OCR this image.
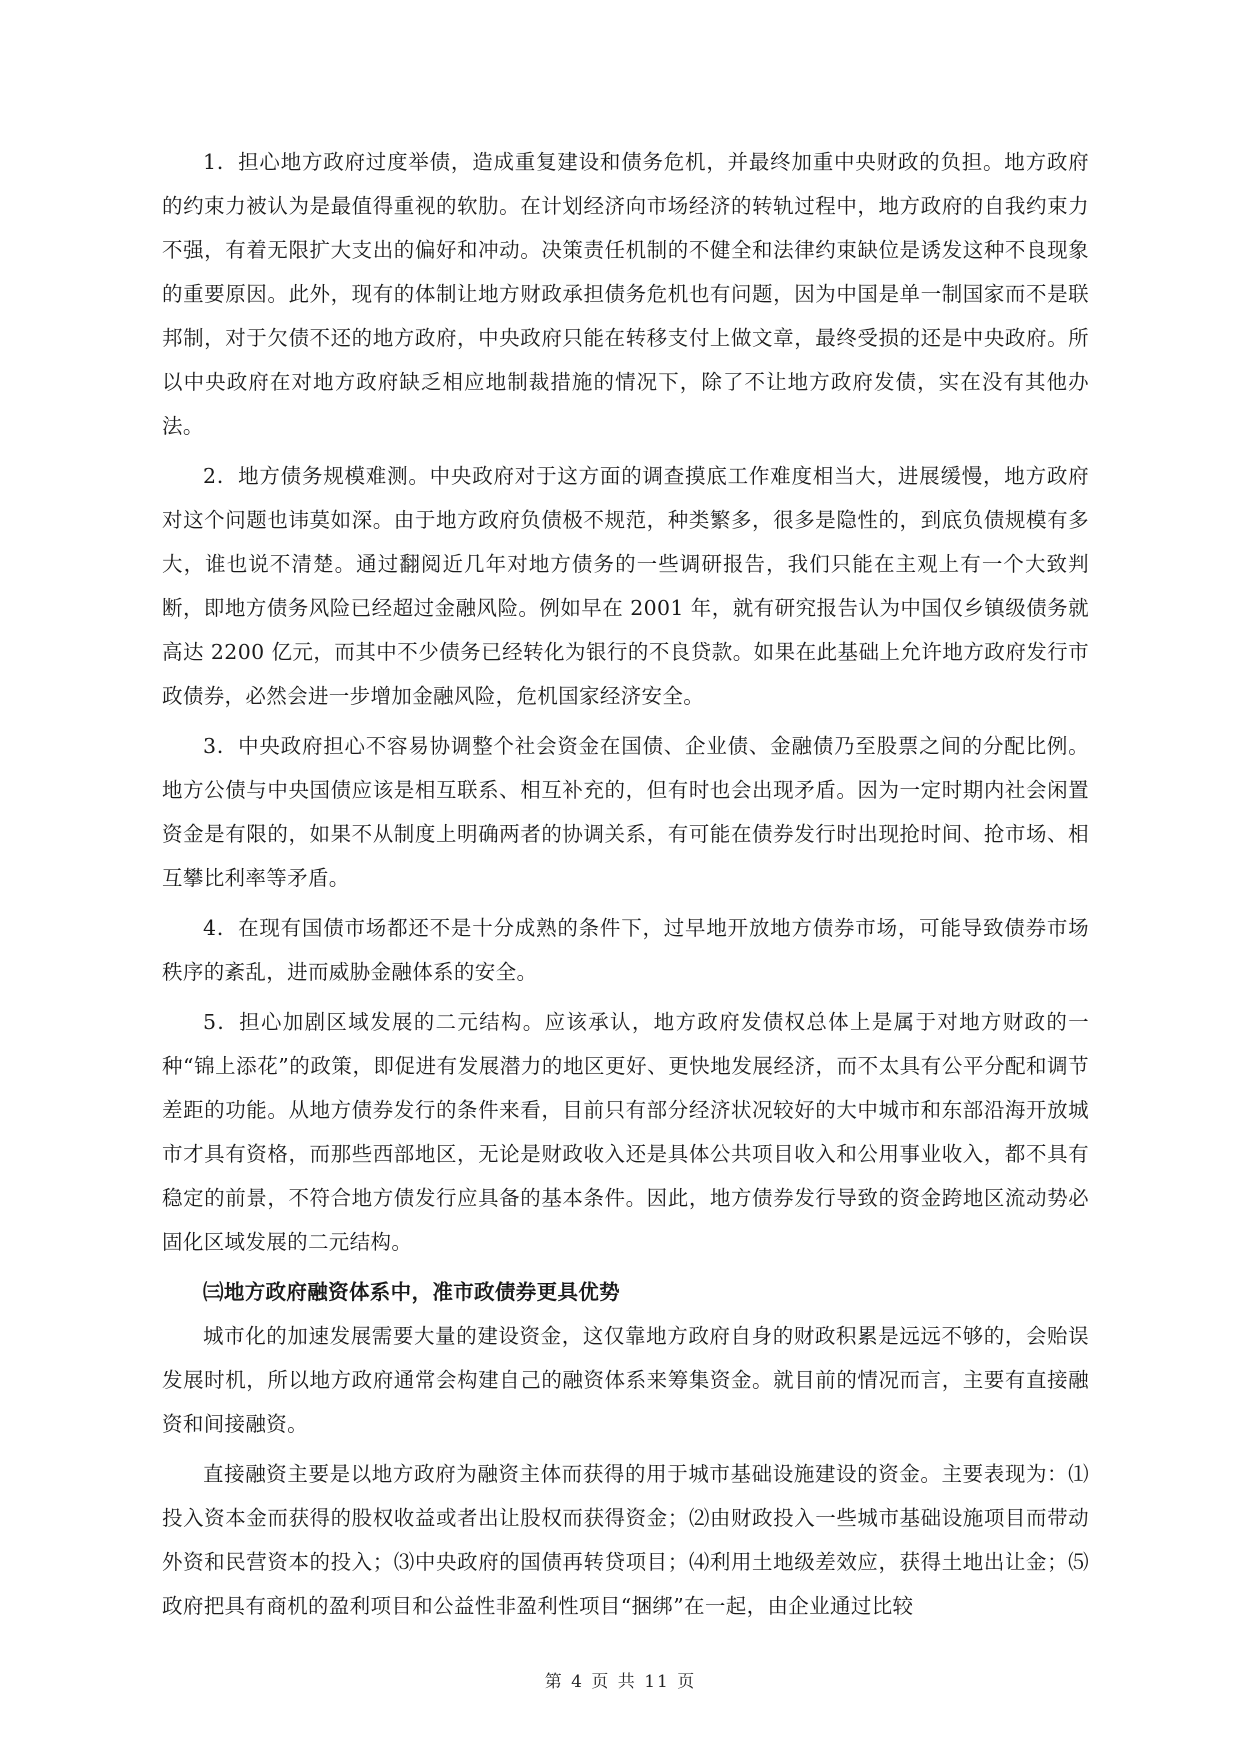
1．担心地方政府过度举债，造成重复建设和债务危机，并最终加重中央财政的负担。地方政府的约束力被认为是最值得重视的软肋。在计划经济向市场经济的转轨过程中，地方政府的自我约束力不强，有着无限扩大支出的偏好和冲动。决策责任机制的不健全和法律约束缺位是诱发这种不良现象的重要原因。此外，现有的体制让地方财政承担债务危机也有问题，因为中国是单一制国家而不是联邦制，对于欠债不还的地方政府，中央政府只能在转移支付上做文章，最终受损的还是中央政府。所以中央政府在对地方政府缺乏相应地制裁措施的情况下，除了不让地方政府发债，实在没有其他办法。

2．地方债务规模难测。中央政府对于这方面的调查摸底工作难度相当大，进展缓慢，地方政府对这个问题也讳莫如深。由于地方政府负债极不规范，种类繁多，很多是隐性的，到底负债规模有多大，谁也说不清楚。通过翻阅近几年对地方债务的一些调研报告，我们只能在主观上有一个大致判断，即地方债务风险已经超过金融风险。例如早在 2001 年，就有研究报告认为中国仅乡镇级债务就高达 2200 亿元，而其中不少债务已经转化为银行的不良贷款。如果在此基础上允许地方政府发行市政债券，必然会进一步增加金融风险，危机国家经济安全。

3．中央政府担心不容易协调整个社会资金在国债、企业债、金融债乃至股票之间的分配比例。地方公债与中央国债应该是相互联系、相互补充的，但有时也会出现矛盾。因为一定时期内社会闲置资金是有限的，如果不从制度上明确两者的协调关系，有可能在债券发行时出现抢时间、抢市场、相互攀比利率等矛盾。

4．在现有国债市场都还不是十分成熟的条件下，过早地开放地方债券市场，可能导致债券市场秩序的紊乱，进而威胁金融体系的安全。

5．担心加剧区域发展的二元结构。应该承认，地方政府发债权总体上是属于对地方财政的一种“锦上添花”的政策，即促进有发展潜力的地区更好、更快地发展经济，而不太具有公平分配和调节差距的功能。从地方债券发行的条件来看，目前只有部分经济状况较好的大中城市和东部沿海开放城市才具有资格，而那些西部地区，无论是财政收入还是具体公共项目收入和公用事业收入，都不具有稳定的前景，不符合地方债发行应具备的基本条件。因此，地方债券发行导致的资金跨地区流动势必固化区域发展的二元结构。

㈢地方政府融资体系中，准市政债券更具优势

城市化的加速发展需要大量的建设资金，这仅靠地方政府自身的财政积累是远远不够的，会贻误发展时机，所以地方政府通常会构建自己的融资体系来筹集资金。就目前的情况而言，主要有直接融资和间接融资。

直接融资主要是以地方政府为融资主体而获得的用于城市基础设施建设的资金。主要表现为：⑴投入资本金而获得的股权收益或者出让股权而获得资金；⑵由财政投入一些城市基础设施项目而带动外资和民营资本的投入；⑶中央政府的国债再转贷项目；⑷利用土地级差效应，获得土地出让金；⑸政府把具有商机的盈利项目和公益性非盈利性项目“捆绑”在一起，由企业通过比较

第 4 页 共 11 页
